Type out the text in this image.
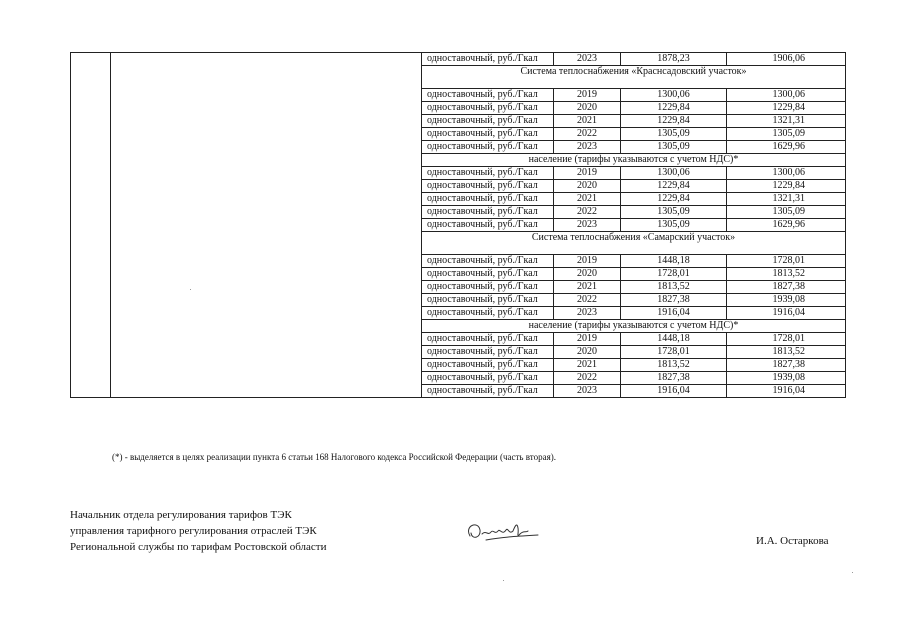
		одноставочный, руб./Гкал	2023	1878,23	1906,06
		Система теплоснабжения «Краснсадовский участок»			
		одноставочный, руб./Гкал	2019	1300,06	1300,06
		одноставочный, руб./Гкал	2020	1229,84	1229,84
		одноставочный, руб./Гкал	2021	1229,84	1321,31
		одноставочный, руб./Гкал	2022	1305,09	1305,09
		одноставочный, руб./Гкал	2023	1305,09	1629,96
		население (тарифы указываются с учетом НДС)*			
		одноставочный, руб./Гкал	2019	1300,06	1300,06
		одноставочный, руб./Гкал	2020	1229,84	1229,84
		одноставочный, руб./Гкал	2021	1229,84	1321,31
		одноставочный, руб./Гкал	2022	1305,09	1305,09
		одноставочный, руб./Гкал	2023	1305,09	1629,96
		Система теплоснабжения «Самарский участок»			
		одноставочный, руб./Гкал	2019	1448,18	1728,01
		одноставочный, руб./Гкал	2020	1728,01	1813,52
		одноставочный, руб./Гкал	2021	1813,52	1827,38
		одноставочный, руб./Гкал	2022	1827,38	1939,08
		одноставочный, руб./Гкал	2023	1916,04	1916,04
		население (тарифы указываются с учетом НДС)*			
		одноставочный, руб./Гкал	2019	1448,18	1728,01
		одноставочный, руб./Гкал	2020	1728,01	1813,52
		одноставочный, руб./Гкал	2021	1813,52	1827,38
		одноставочный, руб./Гкал	2022	1827,38	1939,08
		одноставочный, руб./Гкал	2023	1916,04	1916,04
(*) - выделяется в целях реализации пункта 6 статьи 168 Налогового кодекса Российской Федерации (часть вторая).
Начальник отдела регулирования тарифов ТЭК
управления тарифного регулирования отраслей ТЭК
Региональной службы по тарифам Ростовской области	И.А. Остаркова
